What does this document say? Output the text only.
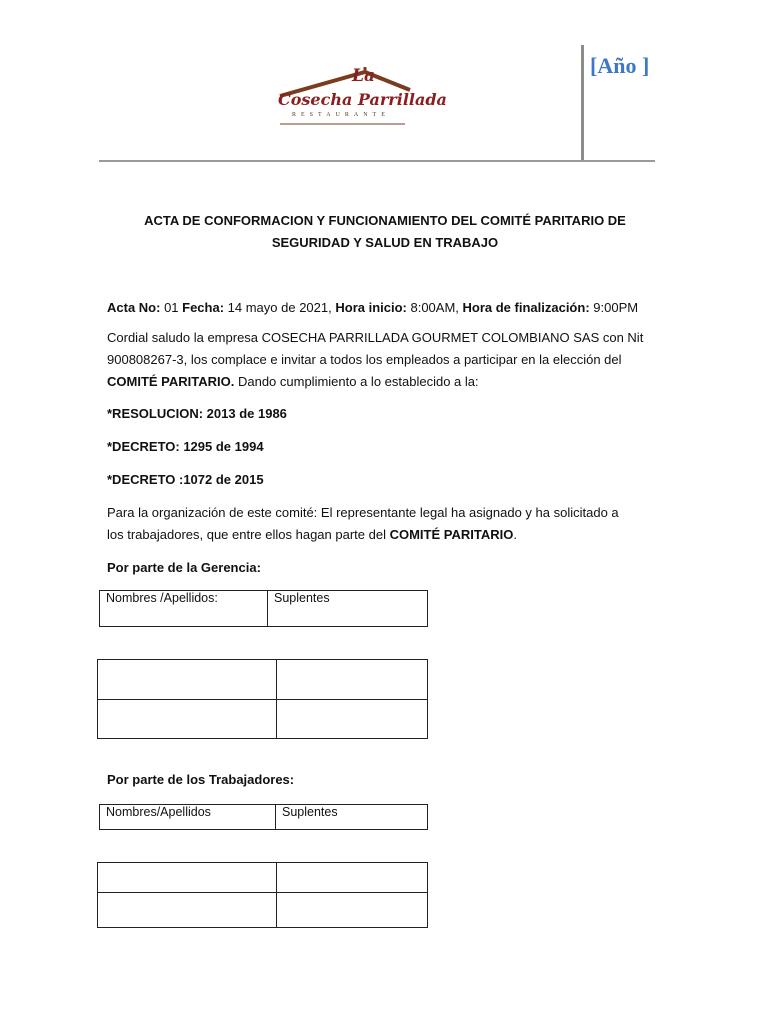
La
Cosecha Parrillada
RESTAURANTE
[Año ]
ACTA DE CONFORMACION Y FUNCIONAMIENTO DEL COMITÉ PARITARIO DE SEGURIDAD Y SALUD EN TRABAJO
Acta No: 01 Fecha: 14 mayo de 2021, Hora inicio: 8:00AM, Hora de finalización: 9:00PM
Cordial saludo la empresa COSECHA PARRILLADA GOURMET COLOMBIANO SAS con Nit 900808267-3, los complace e invitar a todos los empleados a participar en la elección del COMITÉ PARITARIO. Dando cumplimiento a lo establecido a la:
*RESOLUCION: 2013 de 1986
*DECRETO: 1295 de 1994
*DECRETO :1072 de 2015
Para la organización de este comité: El representante legal ha asignado y ha solicitado a los trabajadores, que entre ellos hagan parte del COMITÉ PARITARIO.
Por parte de la Gerencia:
Nombres /Apellidos:	Suplentes

Por parte de los Trabajadores:
Nombres/Apellidos	Suplentes
